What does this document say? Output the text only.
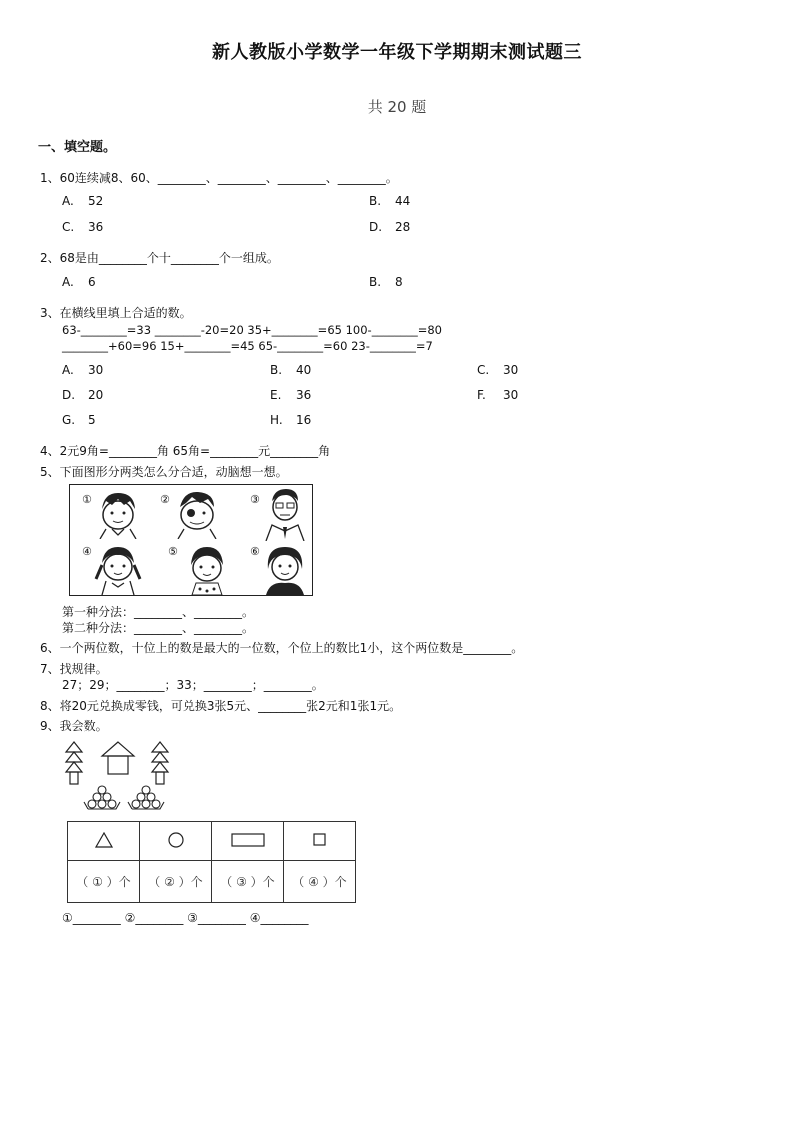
新人教版小学数学一年级下学期期末测试题三
共 20 题
一、填空题。
1、60连续减8、60、________、________、________、________。
A. 52	B. 44
C. 36	D. 28
2、68是由________个十________个一组成。
A. 6	B. 8
3、在横线里填上合适的数。
63-________=33 ________-20=20 35+________=65 100-________=80
________+60=96 15+________=45 65-________=60 23-________=7
A. 30	B. 40	C. 30
D. 20	E. 36	F. 30
G. 5	H. 16
4、2元9角=________角 65角=________元________角
5、下面图形分两类怎么分合适，动脑想一想。
①	②	③
④	⑤	⑥
第一种分法：________、________。
第二种分法：________、________。
6、一个两位数，十位上的数是最大的一位数，个位上的数比1小，这个两位数是________。
7、找规律。
27；29；________；33；________；________。
8、将20元兑换成零钱，可兑换3张5元、________张2元和1张1元。
9、我会数。

（ ① ）个	（ ② ）个	（ ③ ）个	（ ④ ）个
①________ ②________ ③________ ④________
